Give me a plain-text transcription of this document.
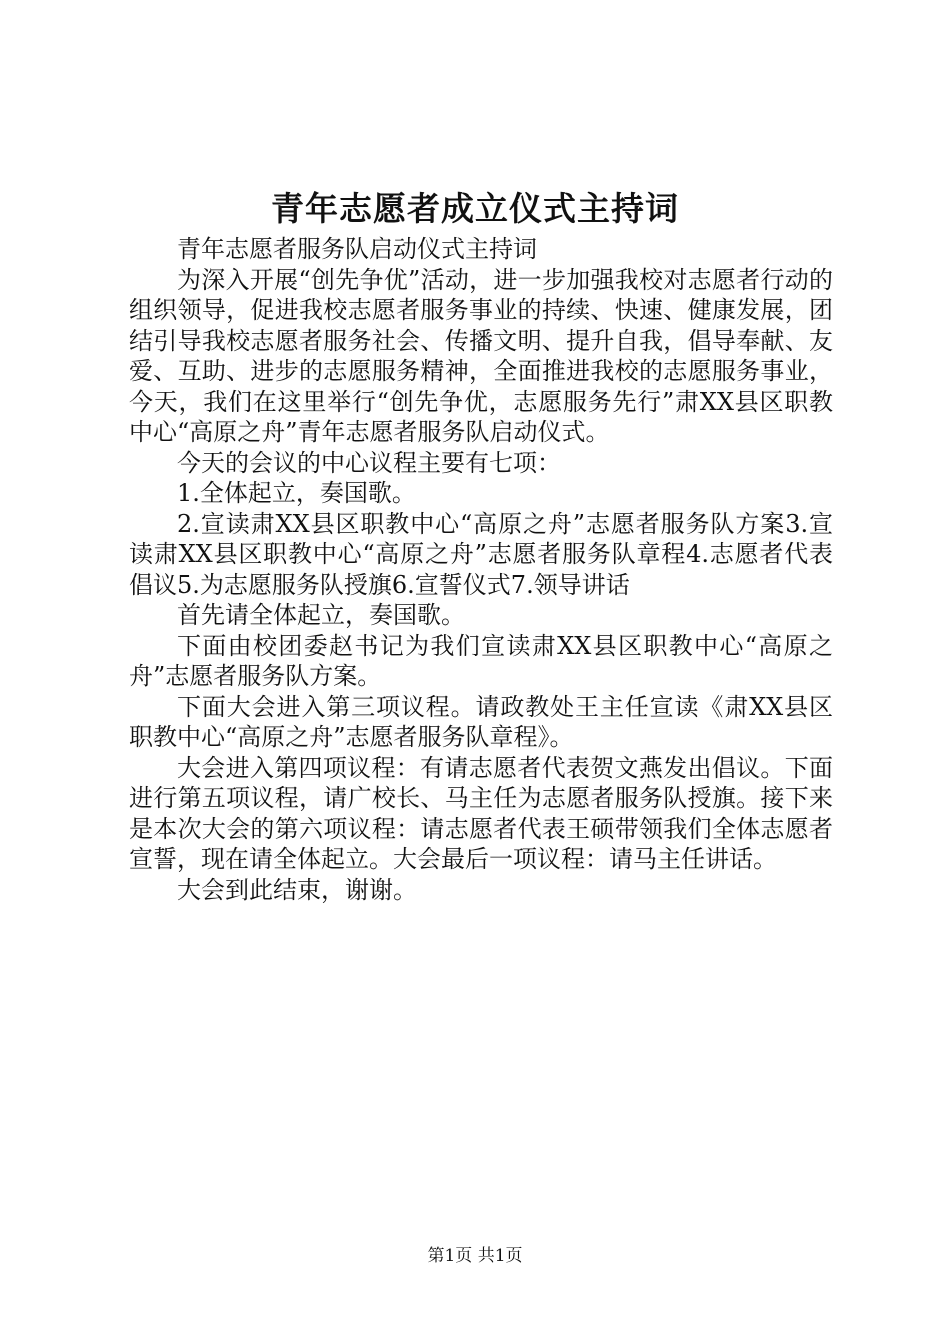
青年志愿者成立仪式主持词

青年志愿者服务队启动仪式主持词

为深入开展“创先争优”活动，进一步加强我校对志愿者行动的组织领导，促进我校志愿者服务事业的持续、快速、健康发展，团结引导我校志愿者服务社会、传播文明、提升自我，倡导奉献、友爱、互助、进步的志愿服务精神，全面推进我校的志愿服务事业，今天，我们在这里举行“创先争优，志愿服务先行”肃XX县区职教中心“高原之舟”青年志愿者服务队启动仪式。

今天的会议的中心议程主要有七项：

1.全体起立，奏国歌。

2.宣读肃XX县区职教中心“高原之舟”志愿者服务队方案3.宣读肃XX县区职教中心“高原之舟”志愿者服务队章程4.志愿者代表倡议5.为志愿服务队授旗6.宣誓仪式7.领导讲话

首先请全体起立，奏国歌。

下面由校团委赵书记为我们宣读肃XX县区职教中心“高原之舟”志愿者服务队方案。

下面大会进入第三项议程。请政教处王主任宣读《肃XX县区职教中心“高原之舟”志愿者服务队章程》。

大会进入第四项议程：有请志愿者代表贺文燕发出倡议。下面进行第五项议程，请广校长、马主任为志愿者服务队授旗。接下来是本次大会的第六项议程：请志愿者代表王硕带领我们全体志愿者宣誓，现在请全体起立。大会最后一项议程：请马主任讲话。

大会到此结束，谢谢。

第1页 共1页
